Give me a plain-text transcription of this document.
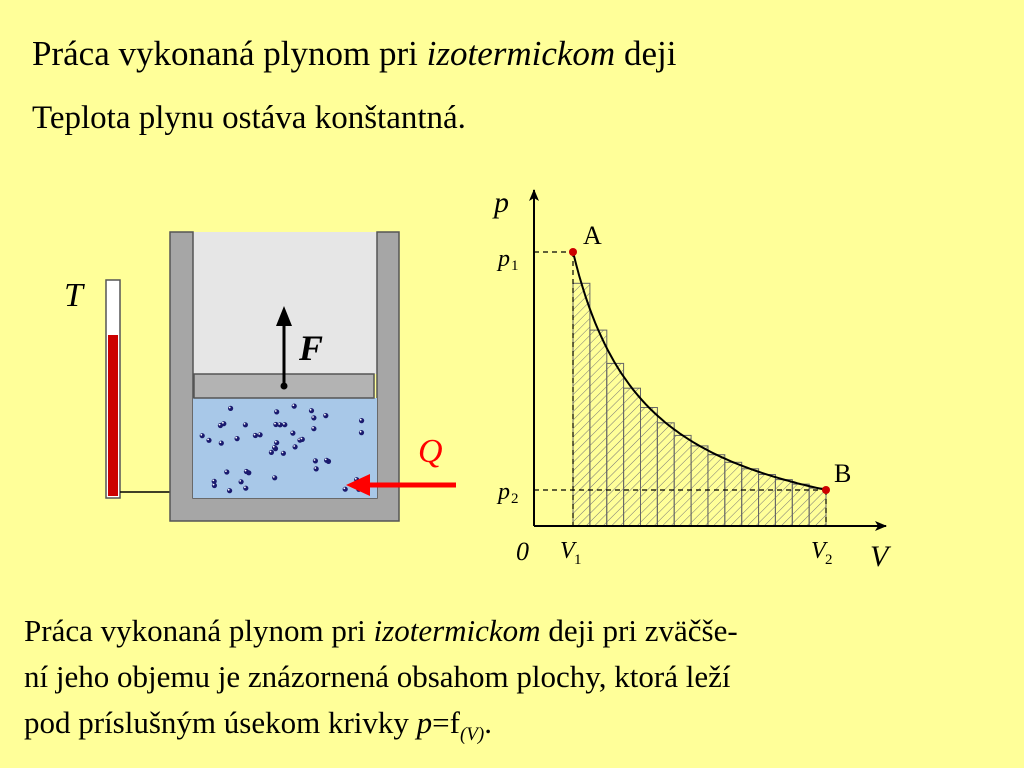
Práca vykonaná plynom pri izotermickom deji
Teplota plynu ostáva konštantná.
T
F
Q
p
V
0
A
B
p 1
p 2
V 1	V 2
Práca vykonaná plynom pri izotermickom deji pri zväčše-
ní jeho objemu je znázornená obsahom plochy, ktorá leží
pod príslušným úsekom krivky $p=f_{(V)}$.
